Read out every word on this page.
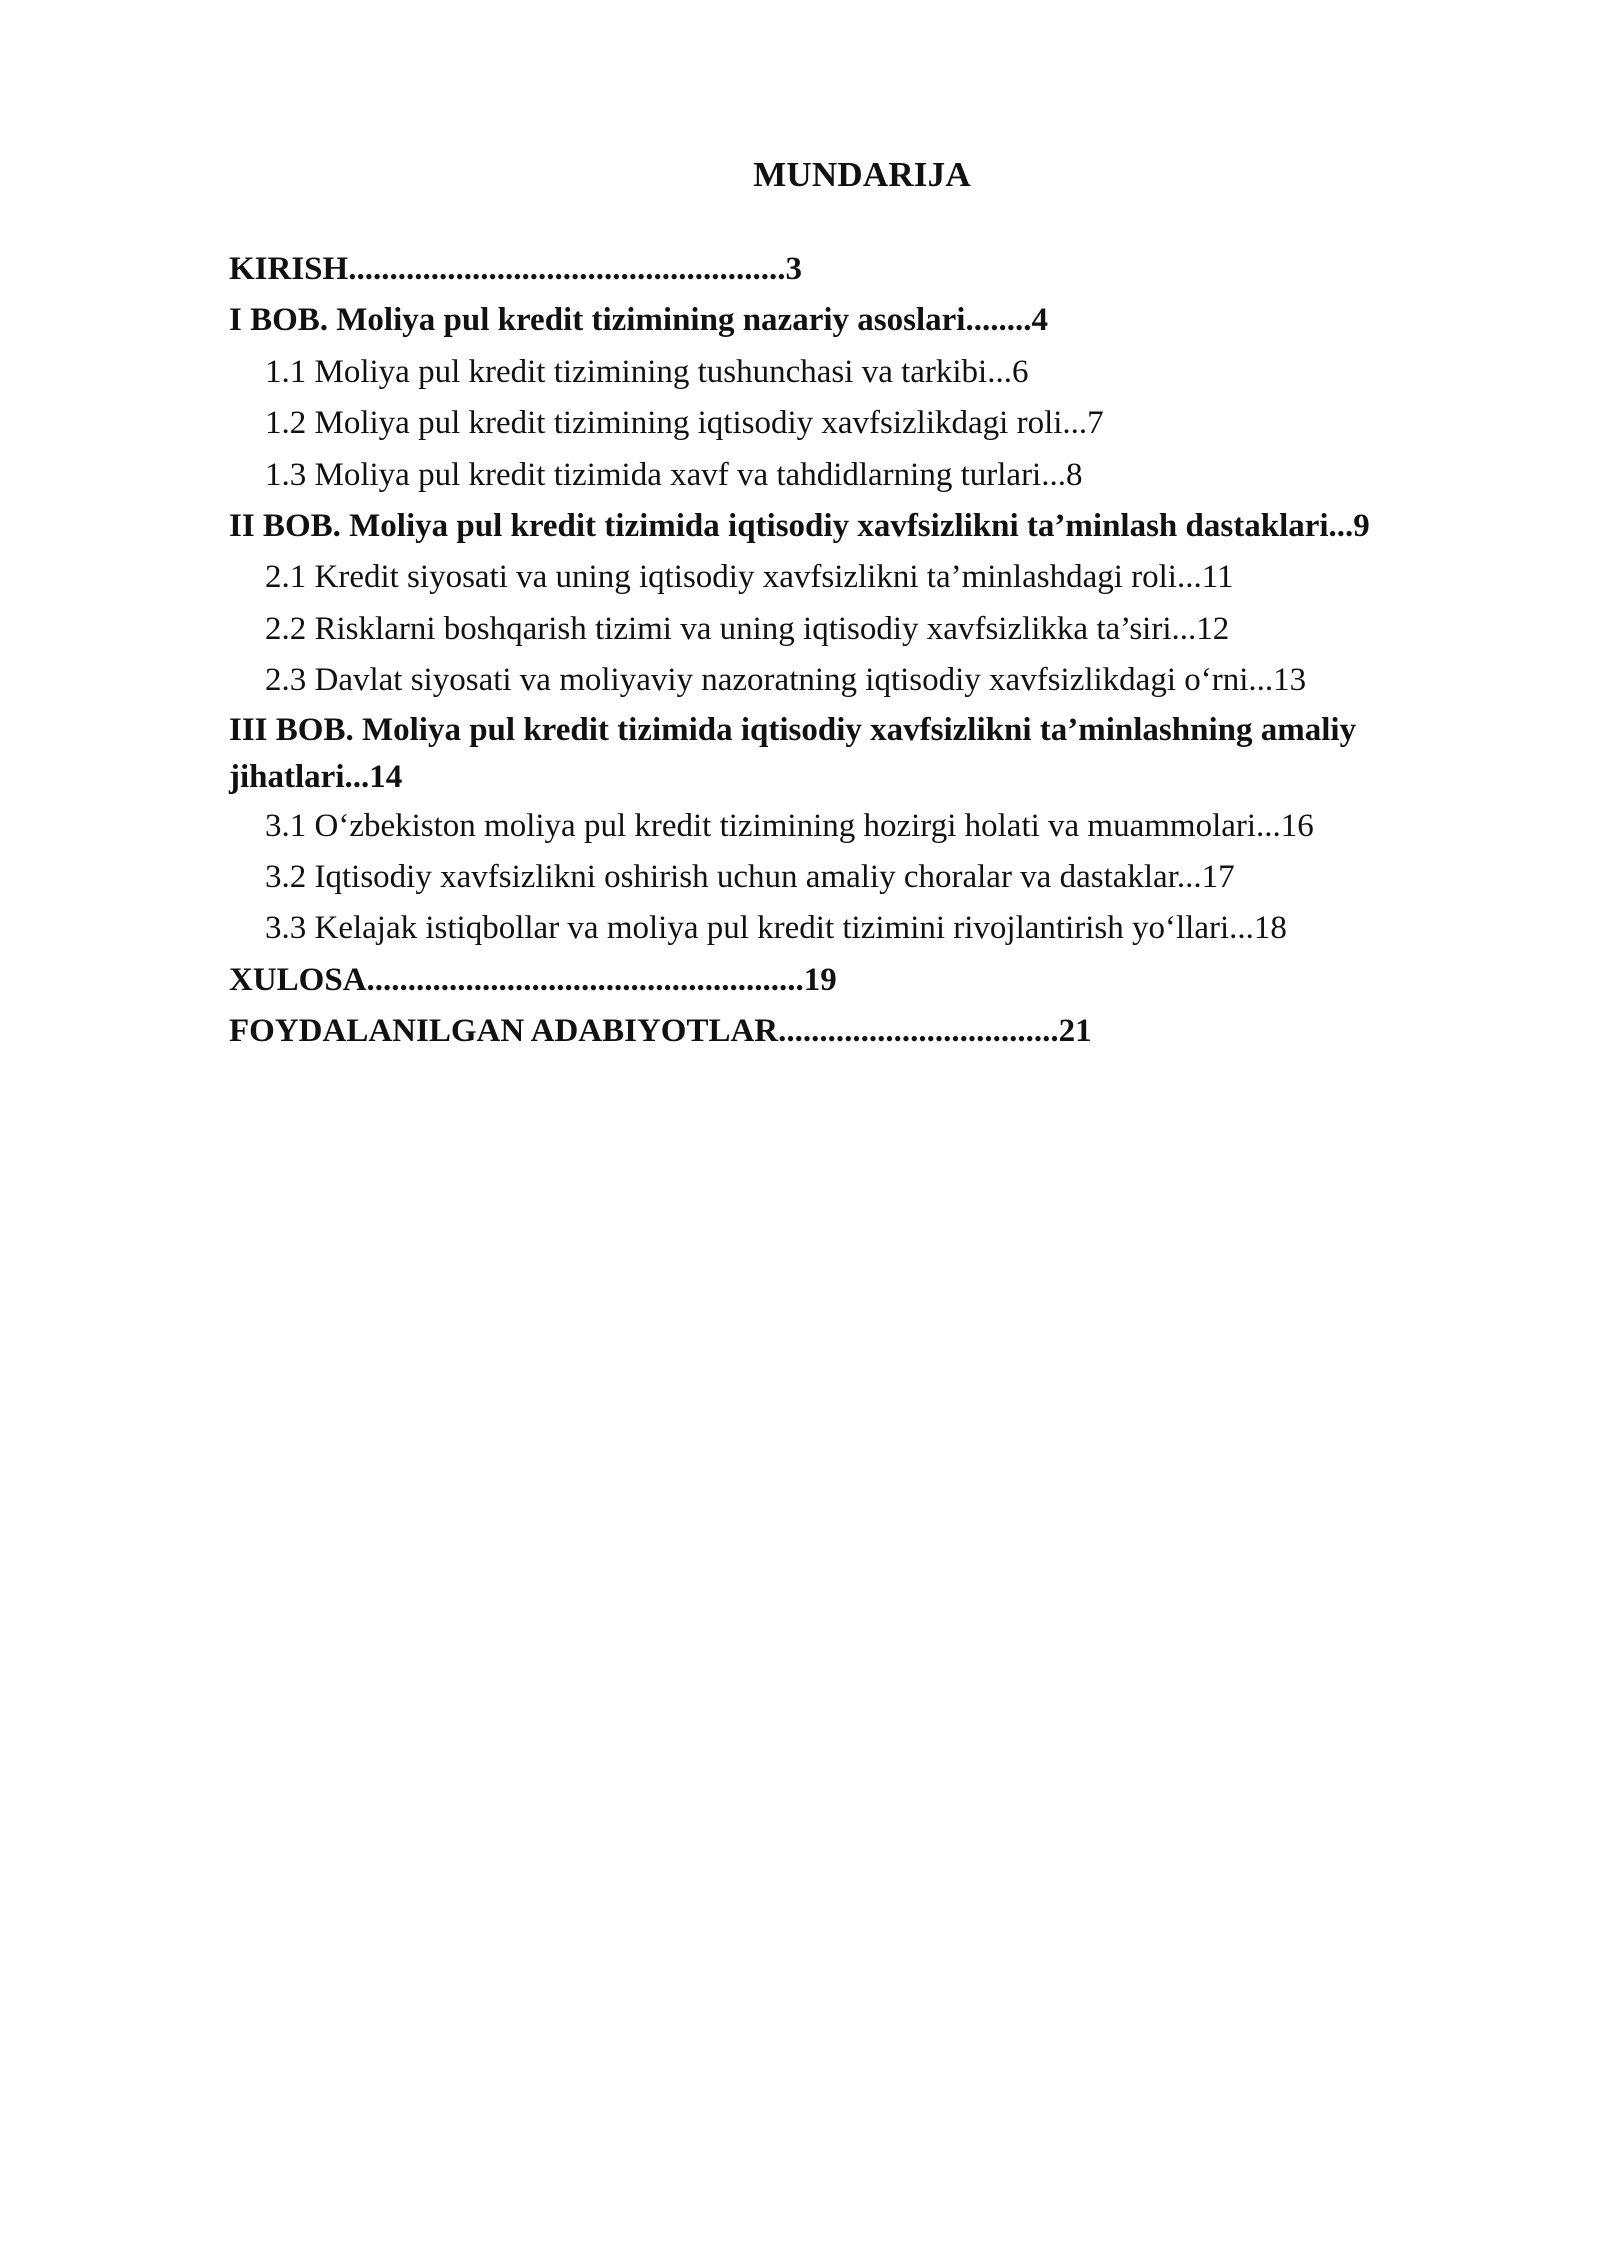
MUNDARIJA
KIRISH.....................................................3
I BOB. Moliya pul kredit tizimining nazariy asoslari........4
1.1 Moliya pul kredit tizimining tushunchasi va tarkibi...6
1.2 Moliya pul kredit tizimining iqtisodiy xavfsizlikdagi roli...7
1.3 Moliya pul kredit tizimida xavf va tahdidlarning turlari...8
II BOB. Moliya pul kredit tizimida iqtisodiy xavfsizlikni ta’minlash dastaklari...9
2.1 Kredit siyosati va uning iqtisodiy xavfsizlikni ta’minlashdagi roli...11
2.2 Risklarni boshqarish tizimi va uning iqtisodiy xavfsizlikka ta’siri...12
2.3 Davlat siyosati va moliyaviy nazoratning iqtisodiy xavfsizlikdagi o‘rni...13
III BOB. Moliya pul kredit tizimida iqtisodiy xavfsizlikni ta’minlashning amaliy jihatlari...14
3.1 O‘zbekiston moliya pul kredit tizimining hozirgi holati va muammolari...16
3.2 Iqtisodiy xavfsizlikni oshirish uchun amaliy choralar va dastaklar...17
3.3 Kelajak istiqbollar va moliya pul kredit tizimini rivojlantirish yo‘llari...18
XULOSA.....................................................19
FOYDALANILGAN ADABIYOTLAR..................................21
